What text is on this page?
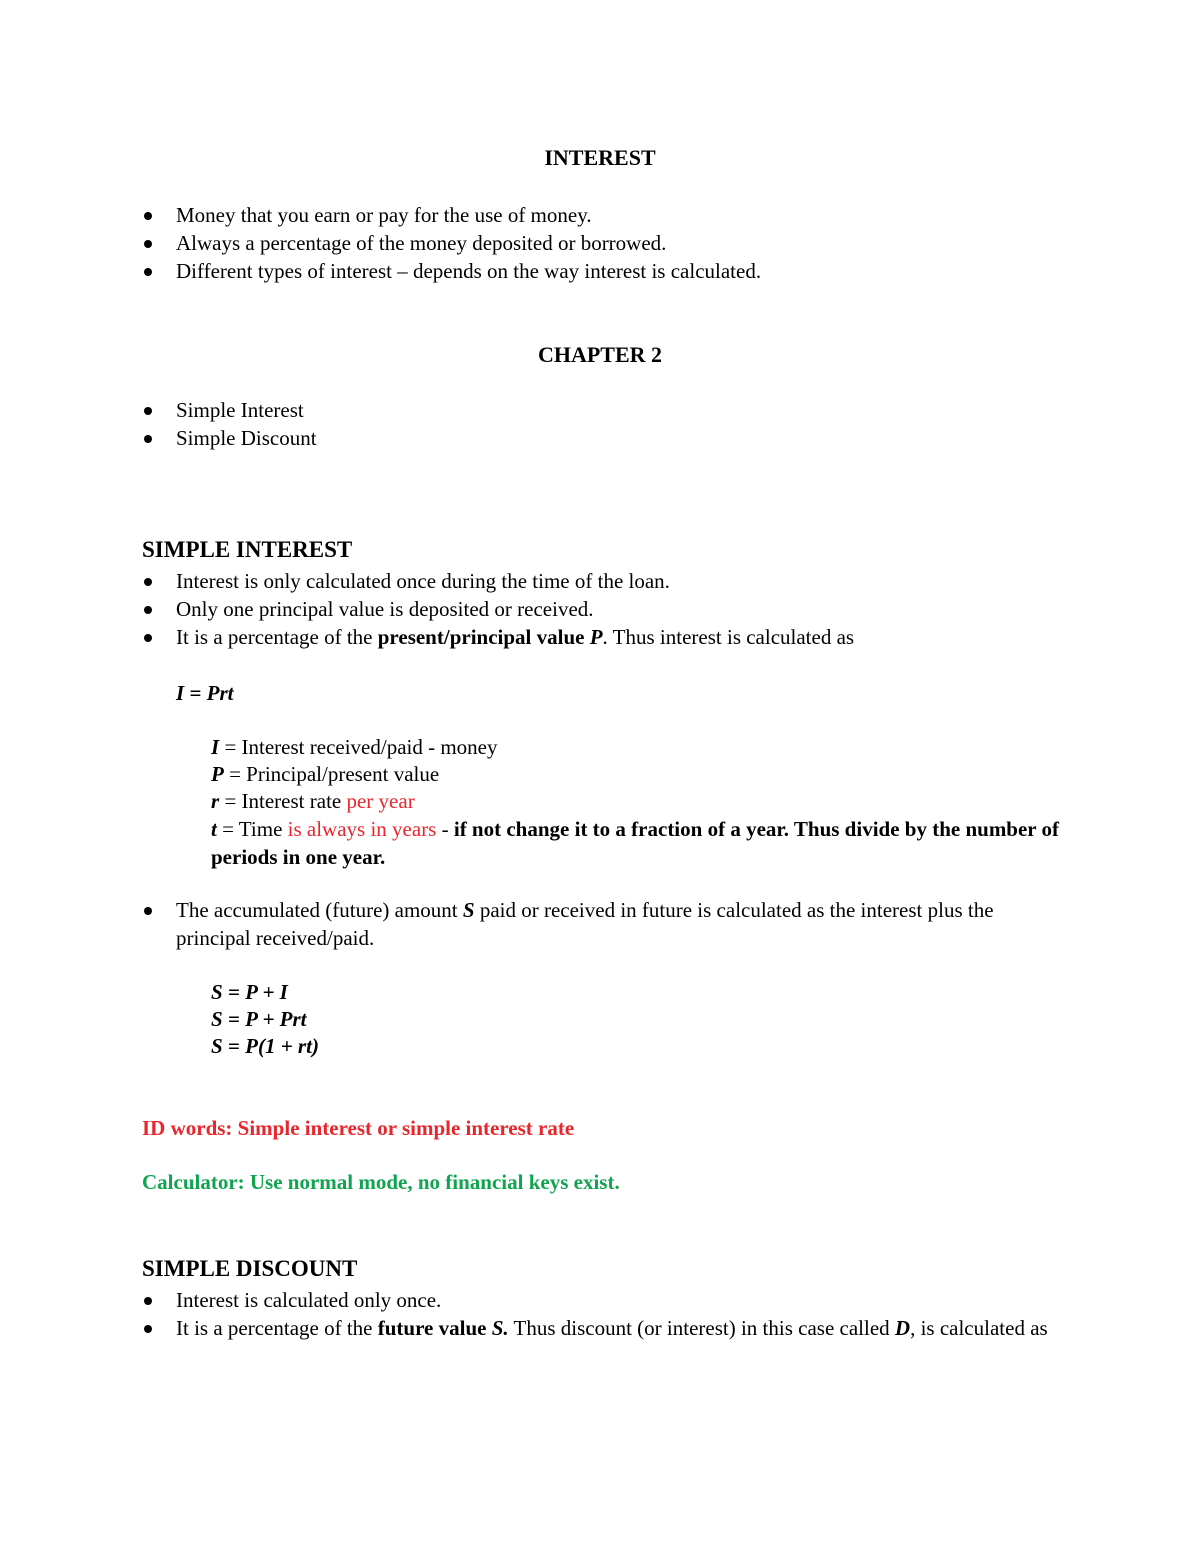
INTEREST
Money that you earn or pay for the use of money.
Always a percentage of the money deposited or borrowed.
Different types of interest – depends on the way interest is calculated.
CHAPTER 2
Simple Interest
Simple Discount
SIMPLE INTEREST
Interest is only calculated once during the time of the loan.
Only one principal value is deposited or received.
It is a percentage of the present/principal value P. Thus interest is calculated as
I = Prt
I = Interest received/paid - money
P = Principal/present value
r = Interest rate per year
t = Time is always in years - if not change it to a fraction of a year. Thus divide by the number of periods in one year.
The accumulated (future) amount S paid or received in future is calculated as the interest plus the principal received/paid.
S = P + I
S = P + Prt
S = P(1 + rt)
ID words: Simple interest or simple interest rate
Calculator: Use normal mode, no financial keys exist.
SIMPLE DISCOUNT
Interest is calculated only once.
It is a percentage of the future value S. Thus discount (or interest) in this case called D, is calculated as
